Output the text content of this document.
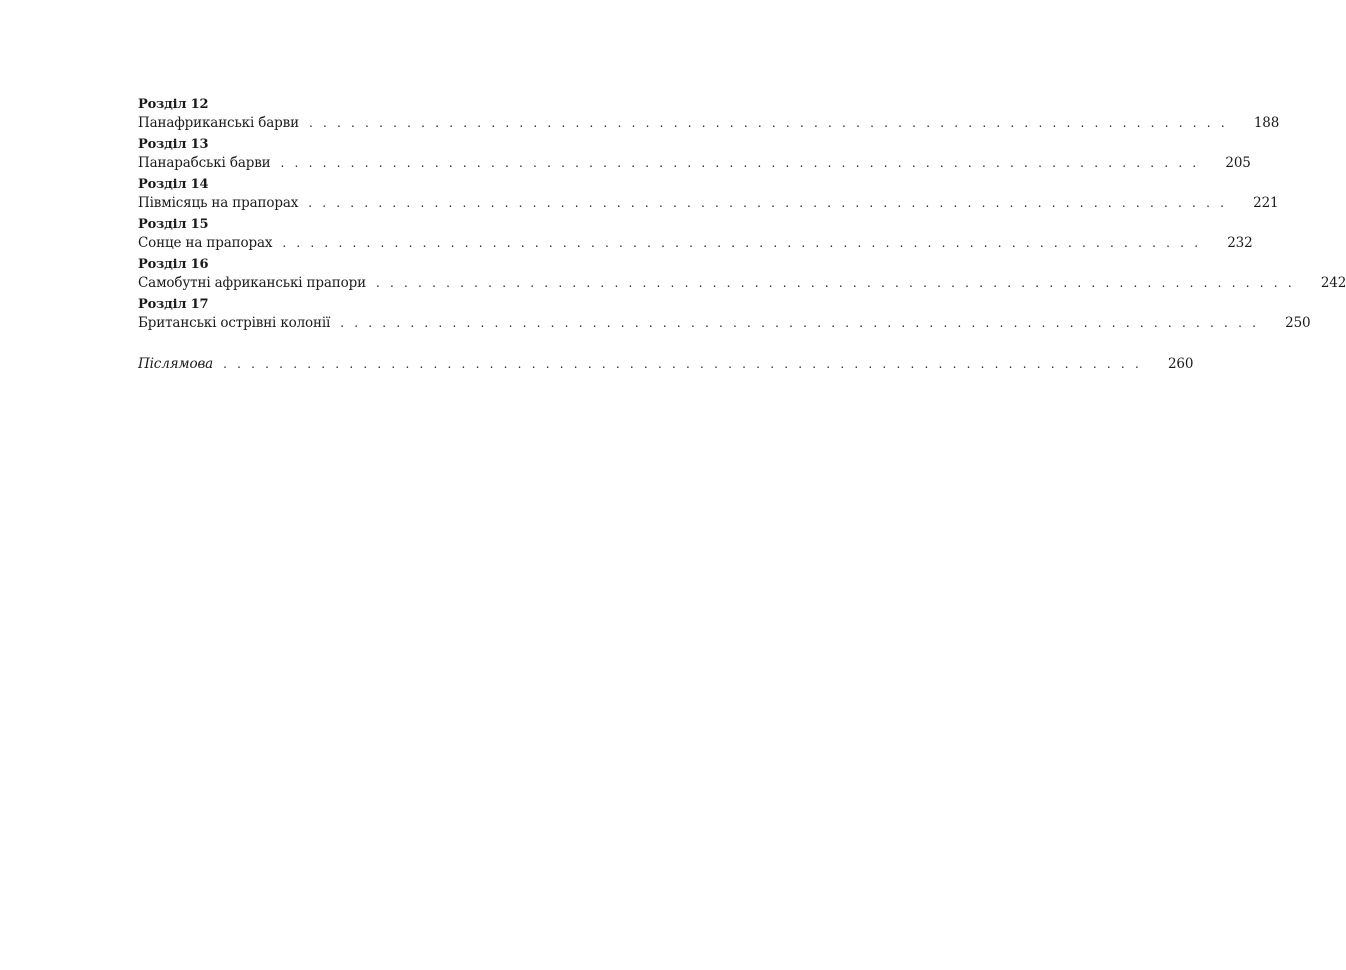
Розділ 12
Панафриканські барви . . . . . . . . . . . . . . . . . . . . . . . . . . . . . . . . . . . . . . . . . . . . . . . . . . . . . . . . . . . . . . . . . . 188
Розділ 13
Панарабські барви . . . . . . . . . . . . . . . . . . . . . . . . . . . . . . . . . . . . . . . . . . . . . . . . . . . . . . . . . . . . . . . . . . 205
Розділ 14
Півмісяць на прапорах . . . . . . . . . . . . . . . . . . . . . . . . . . . . . . . . . . . . . . . . . . . . . . . . . . . . . . . . . . . . . . . . . . 221
Розділ 15
Сонце на прапорах . . . . . . . . . . . . . . . . . . . . . . . . . . . . . . . . . . . . . . . . . . . . . . . . . . . . . . . . . . . . . . . . . . 232
Розділ 16
Самобутні африканські прапори . . . . . . . . . . . . . . . . . . . . . . . . . . . . . . . . . . . . . . . . . . . . . . . . . . . . . . . . . . . . . . . . . . 242
Розділ 17
Британські острівні колонії . . . . . . . . . . . . . . . . . . . . . . . . . . . . . . . . . . . . . . . . . . . . . . . . . . . . . . . . . . . . . . . . . . 250
Післямова . . . . . . . . . . . . . . . . . . . . . . . . . . . . . . . . . . . . . . . . . . . . . . . . . . . . . . . . . . . . . . . . . . 260
